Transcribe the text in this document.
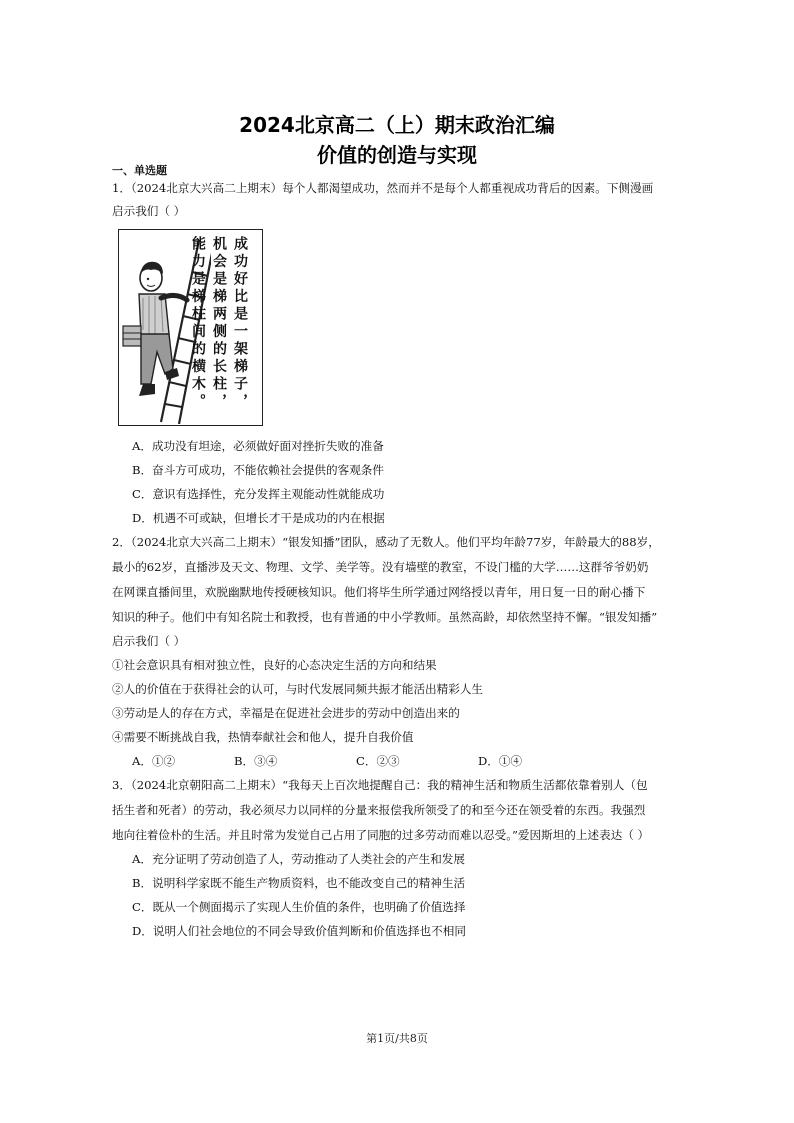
2024北京高二（上）期末政治汇编
价值的创造与实现
一、单选题
1．（2024北京大兴高二上期末）每个人都渴望成功，然而并不是每个人都重视成功背后的因素。下侧漫画
启示我们（ ）
成功好比是一架梯子，
机会是梯两侧的长柱，
能力是梯柱间的横木。
A．成功没有坦途，必须做好面对挫折失败的准备
B．奋斗方可成功，不能依赖社会提供的客观条件
C．意识有选择性，充分发挥主观能动性就能成功
D．机遇不可或缺，但增长才干是成功的内在根据
2．（2024北京大兴高二上期末）“银发知播”团队，感动了无数人。他们平均年龄77岁，年龄最大的88岁，
最小的62岁，直播涉及天文、物理、文学、美学等。没有墙壁的教室，不设门槛的大学……这群爷爷奶奶
在网课直播间里，欢脱幽默地传授硬核知识。他们将毕生所学通过网络授以青年，用日复一日的耐心播下
知识的种子。他们中有知名院士和教授，也有普通的中小学教师。虽然高龄，却依然坚持不懈。“银发知播”
启示我们（ ）
①社会意识具有相对独立性，良好的心态决定生活的方向和结果
②人的价值在于获得社会的认可，与时代发展同频共振才能活出精彩人生
③劳动是人的存在方式，幸福是在促进社会进步的劳动中创造出来的
④需要不断挑战自我，热情奉献社会和他人，提升自我价值
A．①②	B．③④	C．②③	D．①④
3．（2024北京朝阳高二上期末）“我每天上百次地提醒自己：我的精神生活和物质生活都依靠着别人（包
括生者和死者）的劳动，我必须尽力以同样的分量来报偿我所领受了的和至今还在领受着的东西。我强烈
地向往着俭朴的生活。并且时常为发觉自己占用了同胞的过多劳动而难以忍受。”爱因斯坦的上述表达（ ）
A．充分证明了劳动创造了人，劳动推动了人类社会的产生和发展
B．说明科学家既不能生产物质资料，也不能改变自己的精神生活
C．既从一个侧面揭示了实现人生价值的条件，也明确了价值选择
D．说明人们社会地位的不同会导致价值判断和价值选择也不相同
第1页/共8页
